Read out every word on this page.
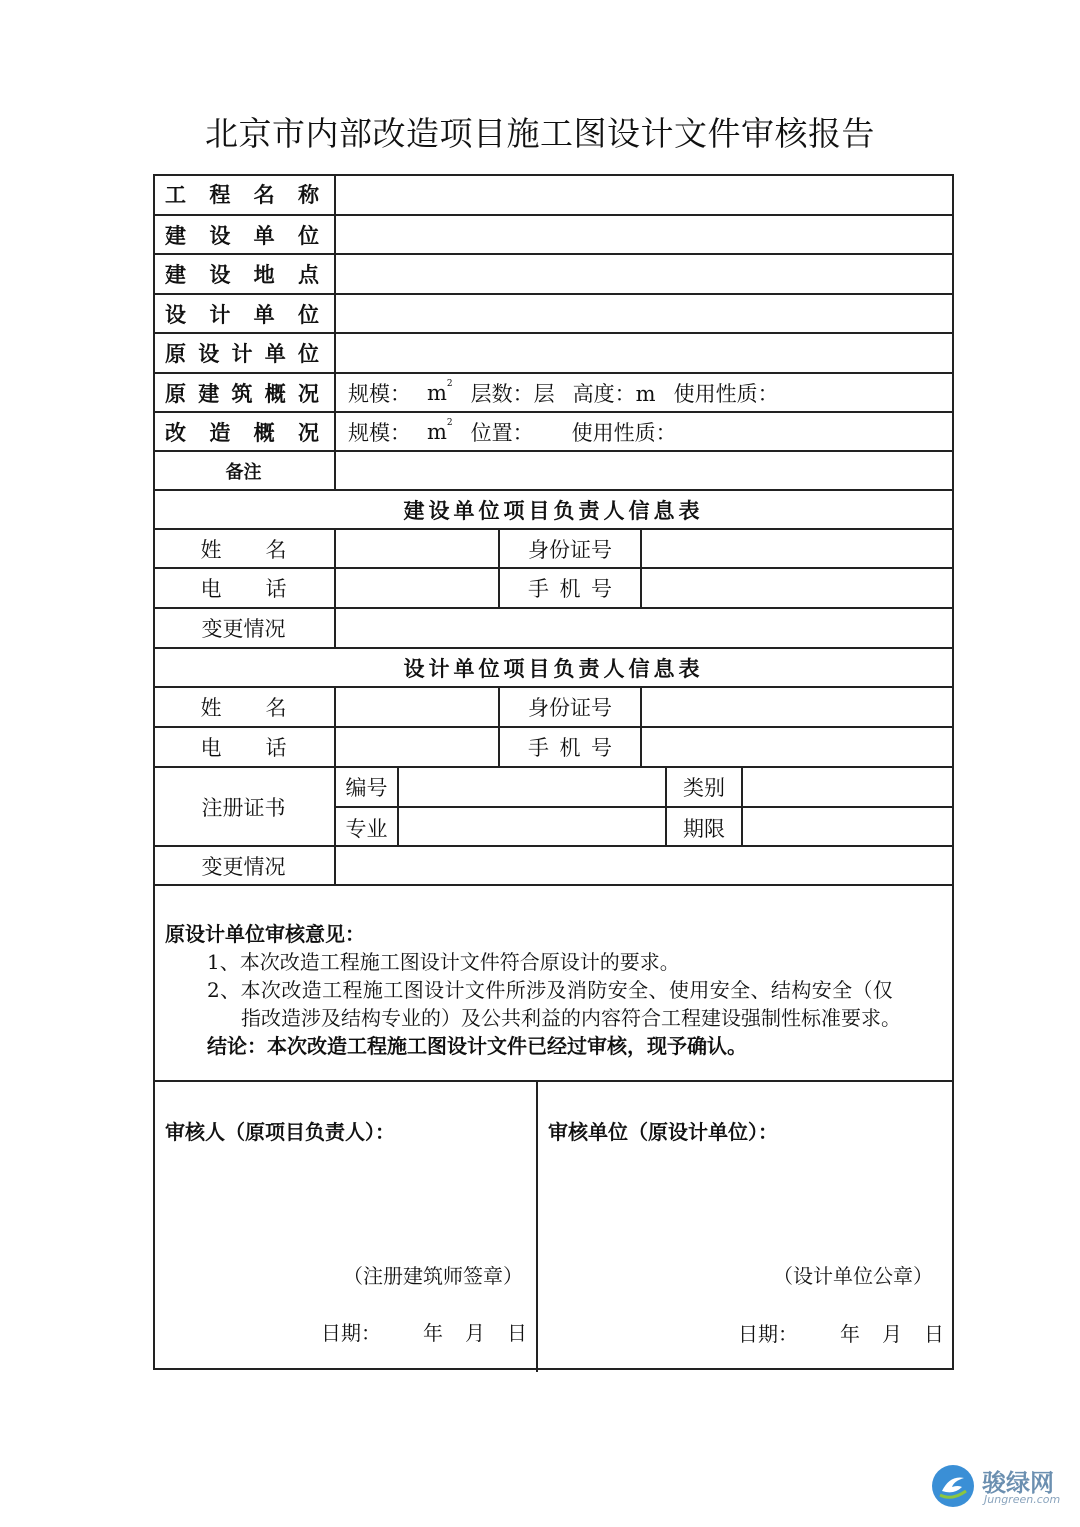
北京市内部改造项目施工图设计文件审核报告
工 程 名 称
建 设 单 位
建 设 地 点
设 计 单 位
原 设 计 单 位
原 建 筑 概 况 规模： $m^2$ 层数：层 高度：m 使用性质：
改 造 概 况 规模： $m^2$ 位置： 使用性质：
备注
建设单位项目负责人信息表
姓 名	身份证号
电 话	手 机 号
变更情况
设计单位项目负责人信息表
姓 名	身份证号
电 话	手 机 号
注册证书
编号	类别
专业	期限
变更情况
原设计单位审核意见：
1、本次改造工程施工图设计文件符合原设计的要求。
2、本次改造工程施工图设计文件所涉及消防安全、使用安全、结构安全（仅
指改造涉及结构专业的）及公共利益的内容符合工程建设强制性标准要求。
结论：本次改造工程施工图设计文件已经过审核，现予确认。
审核人（原项目负责人）：
（注册建筑师签章）
日期： 年 月 日
审核单位（原设计单位）：
（设计单位公章）
日期： 年 月 日
骏绿网
Jungreen.com
